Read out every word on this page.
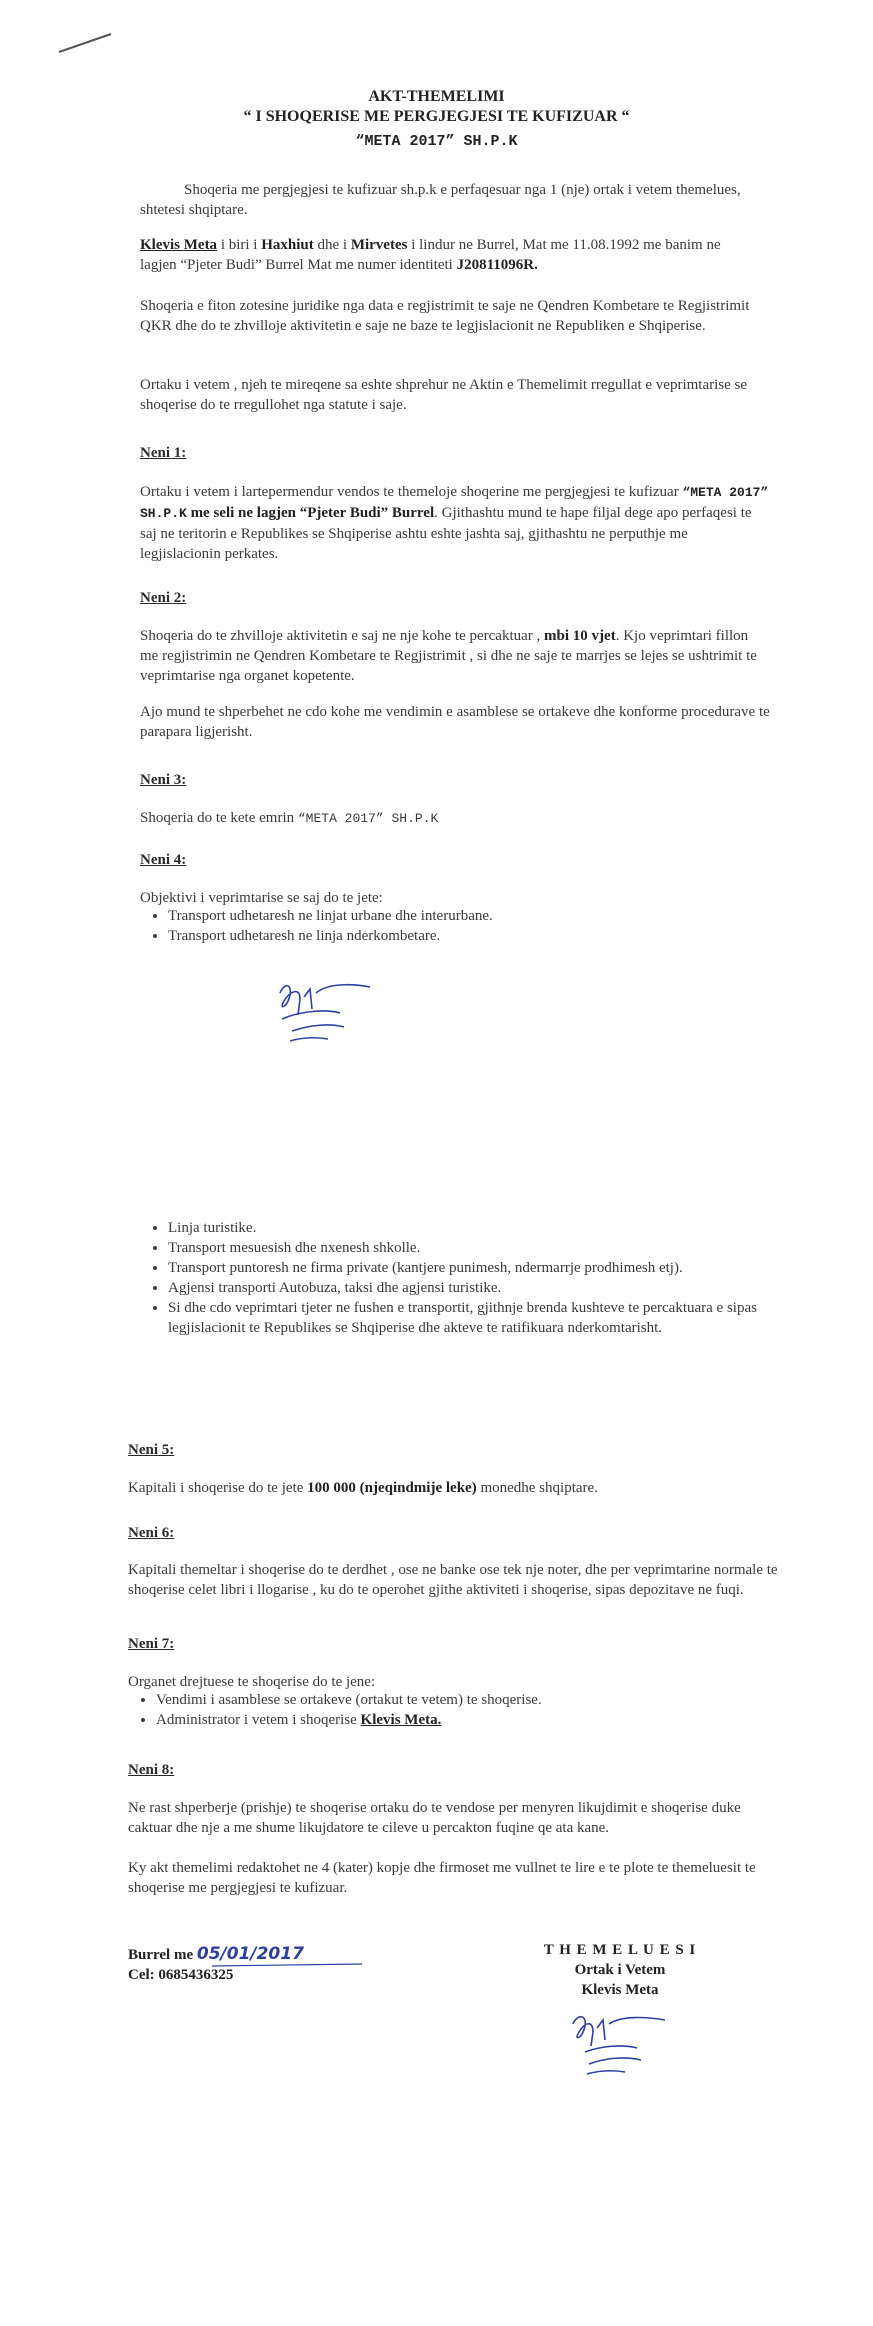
AKT-THEMELIMI
“ I SHOQERISE ME PERGJEGJESI TE KUFIZUAR “
“META 2017” SH.P.K
Shoqeria me pergjegjesi te kufizuar sh.p.k e perfaqesuar nga 1 (nje) ortak i vetem themelues, shtetesi shqiptare.
Klevis Meta i biri i Haxhiut dhe i Mirvetes i lindur ne Burrel, Mat me 11.08.1992 me banim ne lagjen “Pjeter Budi” Burrel Mat me numer identiteti J20811096R.
Shoqeria e fiton zotesine juridike nga data e regjistrimit te saje ne Qendren Kombetare te Regjistrimit QKR dhe do te zhvilloje aktivitetin e saje ne baze te legjislacionit ne Republiken e Shqiperise.
Ortaku i vetem , njeh te mireqene sa eshte shprehur ne Aktin e Themelimit rregullat e veprimtarise se shoqerise do te rregullohet nga statute i saje.
Neni 1:
Ortaku i vetem i lartepermendur vendos te themeloje shoqerine me pergjegjesi te kufizuar “META 2017” SH.P.K me seli ne lagjen “Pjeter Budi” Burrel. Gjithashtu mund te hape filjal dege apo perfaqesi te saj ne teritorin e Republikes se Shqiperise ashtu eshte jashta saj, gjithashtu ne perputhje me legjislacionin perkates.
Neni 2:
Shoqeria do te zhvilloje aktivitetin e saj ne nje kohe te percaktuar , mbi 10 vjet. Kjo veprimtari fillon me regjistrimin ne Qendren Kombetare te Regjistrimit , si dhe ne saje te marrjes se lejes se ushtrimit te veprimtarise nga organet kopetente.
Ajo mund te shperbehet ne cdo kohe me vendimin e asamblese se ortakeve dhe konforme procedurave te parapara ligjerisht.
Neni 3:
Shoqeria do te kete emrin “META 2017” SH.P.K
Neni 4:
Objektivi i veprimtarise se saj do te jete:
• Transport udhetaresh ne linjat urbane dhe interurbane.
• Transport udhetaresh ne linja nderkombetare.
• Linja turistike.
• Transport mesuesish dhe nxenesh shkolle.
• Transport puntoresh ne firma private (kantjere punimesh, ndermarrje prodhimesh etj).
• Agjensi transporti Autobuza, taksi dhe agjensi turistike.
• Si dhe cdo veprimtari tjeter ne fushen e transportit, gjithnje brenda kushteve te percaktuara e sipas legjislacionit te Republikes se Shqiperise dhe akteve te ratifikuara nderkomtarisht.
Neni 5:
Kapitali i shoqerise do te jete 100 000 (njeqindmije leke) monedhe shqiptare.
Neni 6:
Kapitali themeltar i shoqerise do te derdhet , ose ne banke ose tek nje noter, dhe per veprimtarine normale te shoqerise celet libri i llogarise , ku do te operohet gjithe aktiviteti i shoqerise, sipas depozitave ne fuqi.
Neni 7:
Organet drejtuese te shoqerise do te jene:
• Vendimi i asamblese se ortakeve (ortakut te vetem) te shoqerise.
• Administrator i vetem i shoqerise Klevis Meta.
Neni 8:
Ne rast shperberje (prishje) te shoqerise ortaku do te vendose per menyren likujdimit e shoqerise duke caktuar dhe nje a me shume likujdatore te cileve u percakton fuqine qe ata kane.
Ky akt themelimi redaktohet ne 4 (kater) kopje dhe firmoset me vullnet te lire e te plote te themeluesit te shoqerise me pergjegjesi te kufizuar.
Burrel me 05/01/2017
Cel: 0685436325
T H E M E L U E S I
Ortak i Vetem
Klevis Meta
